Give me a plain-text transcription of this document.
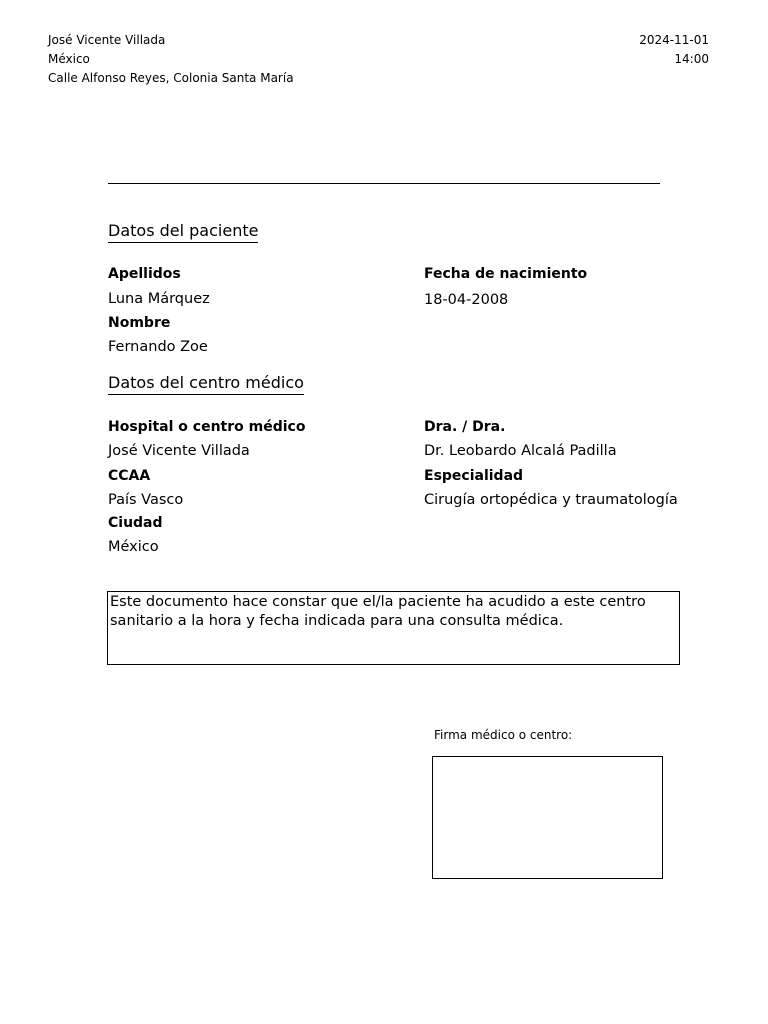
José Vicente Villada
México
Calle Alfonso Reyes, Colonia Santa María
2024-11-01
14:00
Datos del paciente
Apellidos
Luna Márquez
Nombre
Fernando Zoe
Fecha de nacimiento
18-04-2008
Datos del centro médico
Hospital o centro médico
José Vicente Villada
CCAA
País Vasco
Ciudad
México
Dra. / Dra.
Dr. Leobardo Alcalá Padilla
Especialidad
Cirugía ortopédica y traumatología
Este documento hace constar que el/la paciente ha acudido a este centro sanitario a la hora y fecha indicada para una consulta médica.
Firma médico o centro:
